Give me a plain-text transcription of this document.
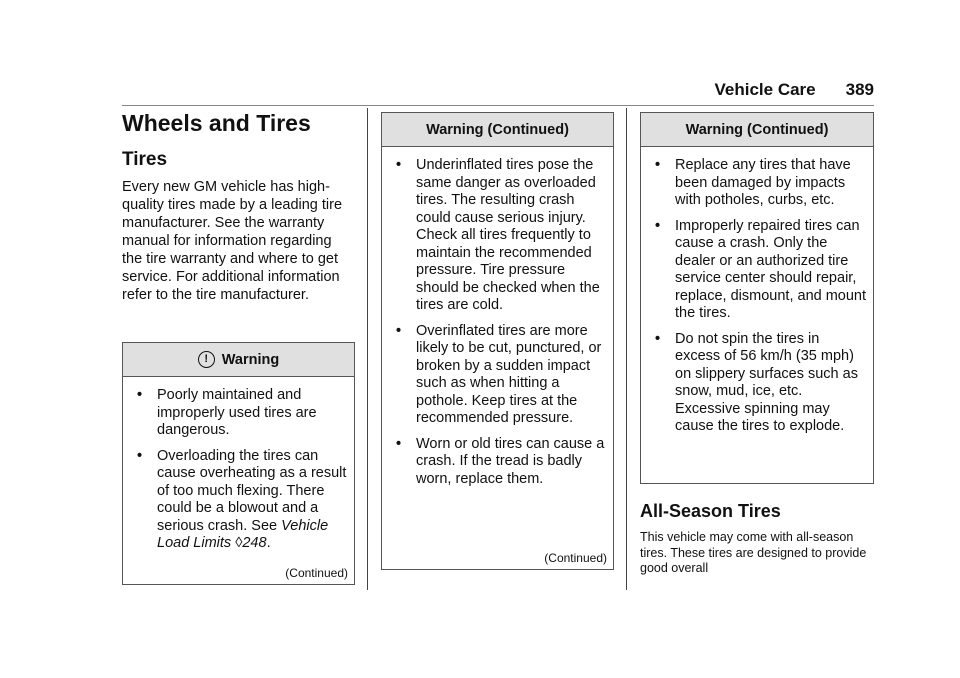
Vehicle Care 389
Wheels and Tires
Tires
Every new GM vehicle has high-quality tires made by a leading tire manufacturer. See the warranty manual for information regarding the tire warranty and where to get service. For additional information refer to the tire manufacturer.
! Warning
• Poorly maintained and improperly used tires are dangerous.
• Overloading the tires can cause overheating as a result of too much flexing. There could be a blowout and a serious crash. See Vehicle Load Limits ◊248.
(Continued)
Warning (Continued)
• Underinflated tires pose the same danger as overloaded tires. The resulting crash could cause serious injury. Check all tires frequently to maintain the recommended pressure. Tire pressure should be checked when the tires are cold.
• Overinflated tires are more likely to be cut, punctured, or broken by a sudden impact     such as when hitting a pothole. Keep tires at the recommended pressure.
• Worn or old tires can cause a crash. If the tread is badly worn, replace them.
(Continued)
Warning (Continued)
• Replace any tires that have been damaged by impacts with potholes, curbs, etc.
• Improperly repaired tires can cause a crash. Only the dealer or an authorized tire service center should repair, replace, dismount, and mount the tires.
• Do not spin the tires in excess of 56 km/h (35 mph) on slippery surfaces such as snow, mud, ice, etc. Excessive spinning may cause the tires to explode.
All-Season Tires
This vehicle may come with all-season tires. These tires are designed to provide good overall
